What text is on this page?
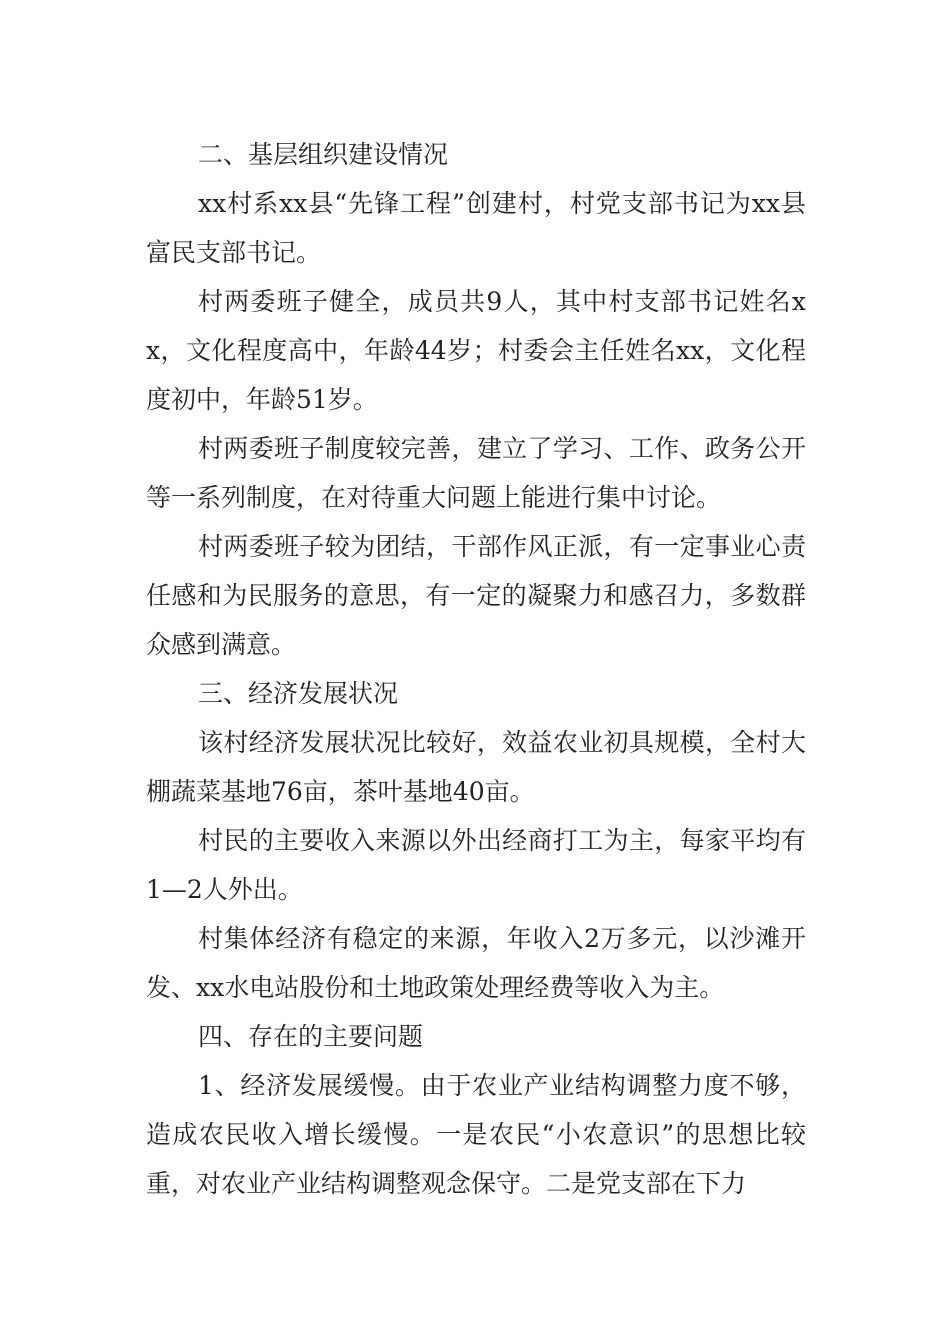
二、基层组织建设情况

xx村系xx县“先锋工程”创建村，村党支部书记为xx县富民支部书记。

村两委班子健全，成员共9人，其中村支部书记姓名xx，文化程度高中，年龄44岁；村委会主任姓名xx，文化程度初中，年龄51岁。

村两委班子制度较完善，建立了学习、工作、政务公开等一系列制度，在对待重大问题上能进行集中讨论。

村两委班子较为团结，干部作风正派，有一定事业心责任感和为民服务的意思，有一定的凝聚力和感召力，多数群众感到满意。

三、经济发展状况

该村经济发展状况比较好，效益农业初具规模，全村大棚蔬菜基地76亩，茶叶基地40亩。

村民的主要收入来源以外出经商打工为主，每家平均有1—2人外出。

村集体经济有稳定的来源，年收入2万多元，以沙滩开发、xx水电站股份和土地政策处理经费等收入为主。

四、存在的主要问题

1、经济发展缓慢。由于农业产业结构调整力度不够，造成农民收入增长缓慢。一是农民“小农意识”的思想比较重，对农业产业结构调整观念保守。二是党支部在下力
